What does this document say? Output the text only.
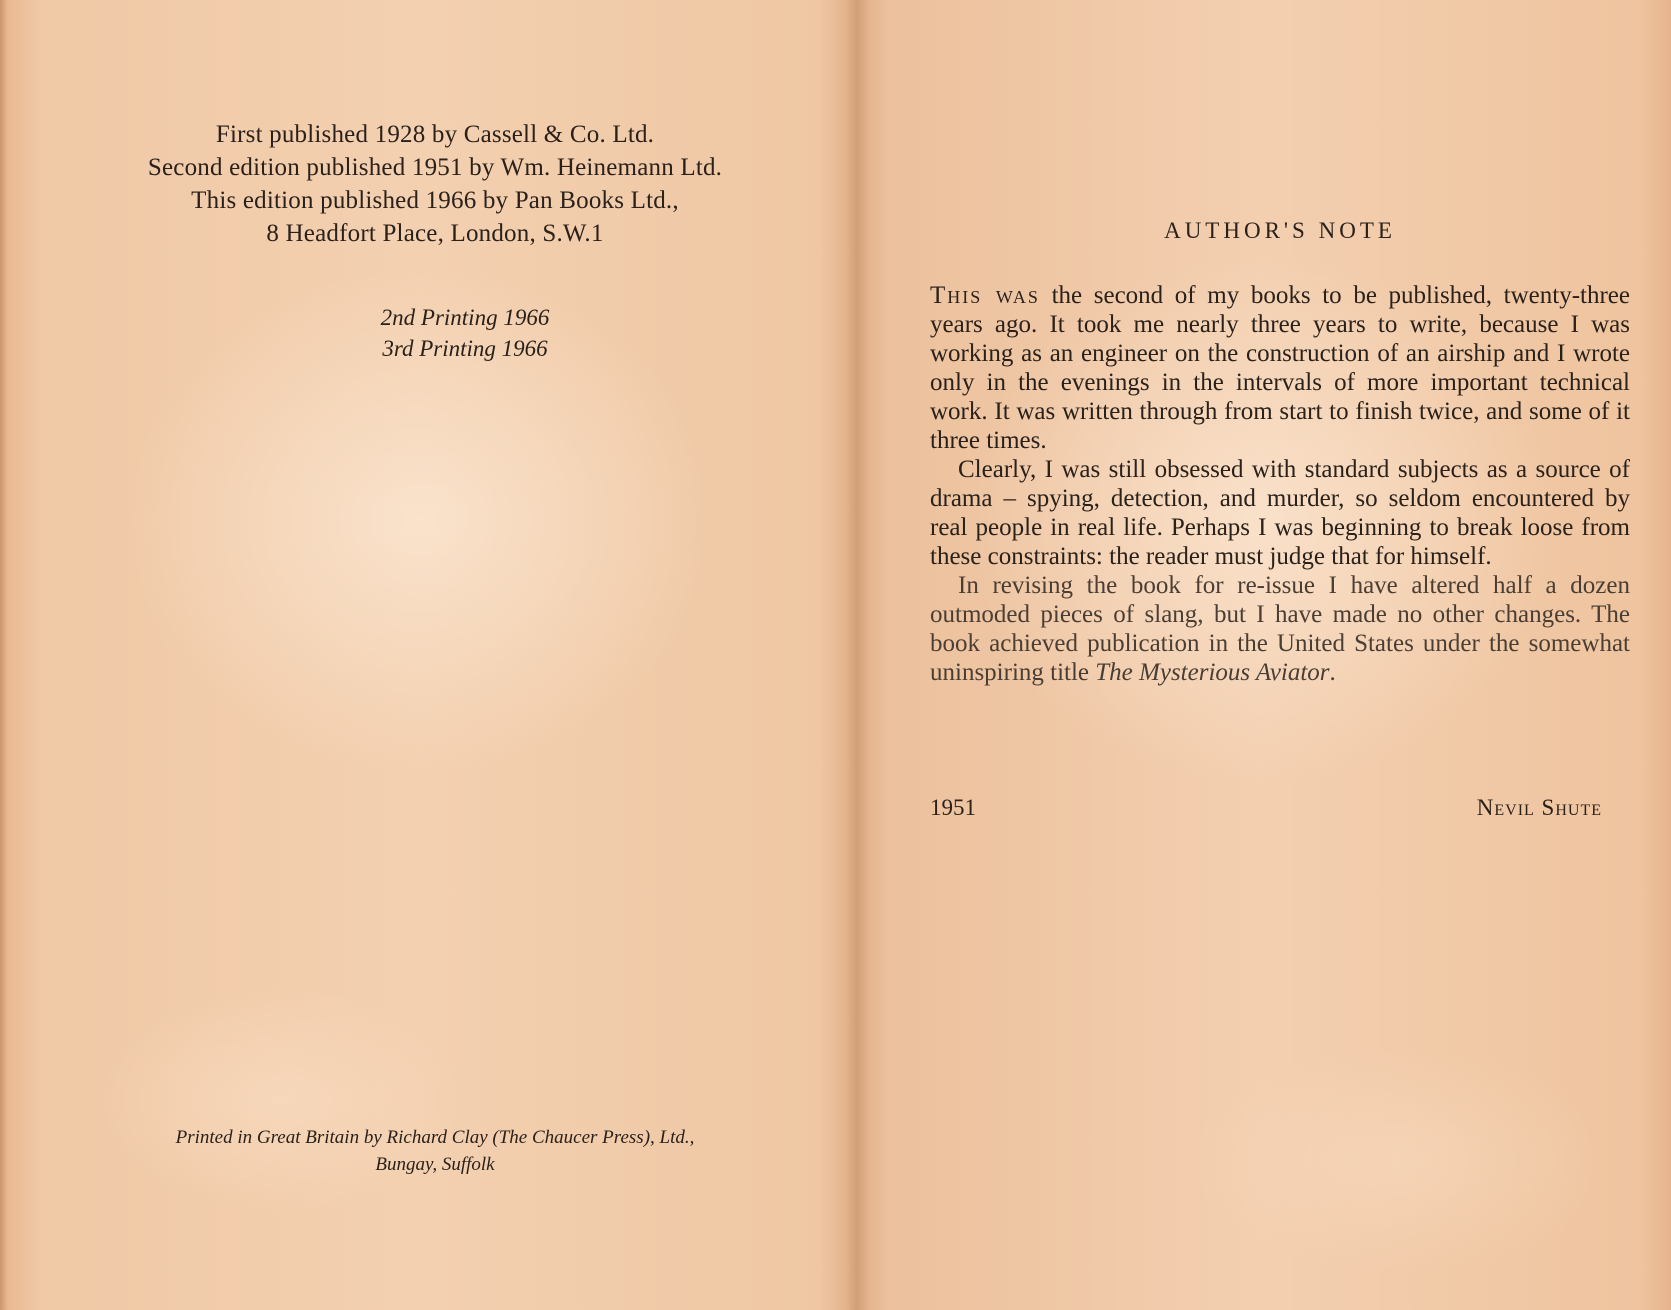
First published 1928 by Cassell & Co. Ltd.
Second edition published 1951 by Wm. Heinemann Ltd.
This edition published 1966 by Pan Books Ltd.,
8 Headfort Place, London, S.W.1
2nd Printing 1966
3rd Printing 1966
Printed in Great Britain by Richard Clay (The Chaucer Press), Ltd.,
Bungay, Suffolk
AUTHOR'S NOTE

This was the second of my books to be published, twenty-three years ago. It took me nearly three years to write, because I was working as an engineer on the construction of an airship and I wrote only in the evenings in the intervals of more important technical work. It was written through from start to finish twice, and some of it three times.

Clearly, I was still obsessed with standard subjects as a source of drama – spying, detection, and murder, so seldom encountered by real people in real life. Perhaps I was beginning to break loose from these constraints: the reader must judge that for himself.

In revising the book for re-issue I have altered half a dozen outmoded pieces of slang, but I have made no other changes. The book achieved publication in the United States under the somewhat uninspiring title The Mysterious Aviator.

1951	Nevil Shute
